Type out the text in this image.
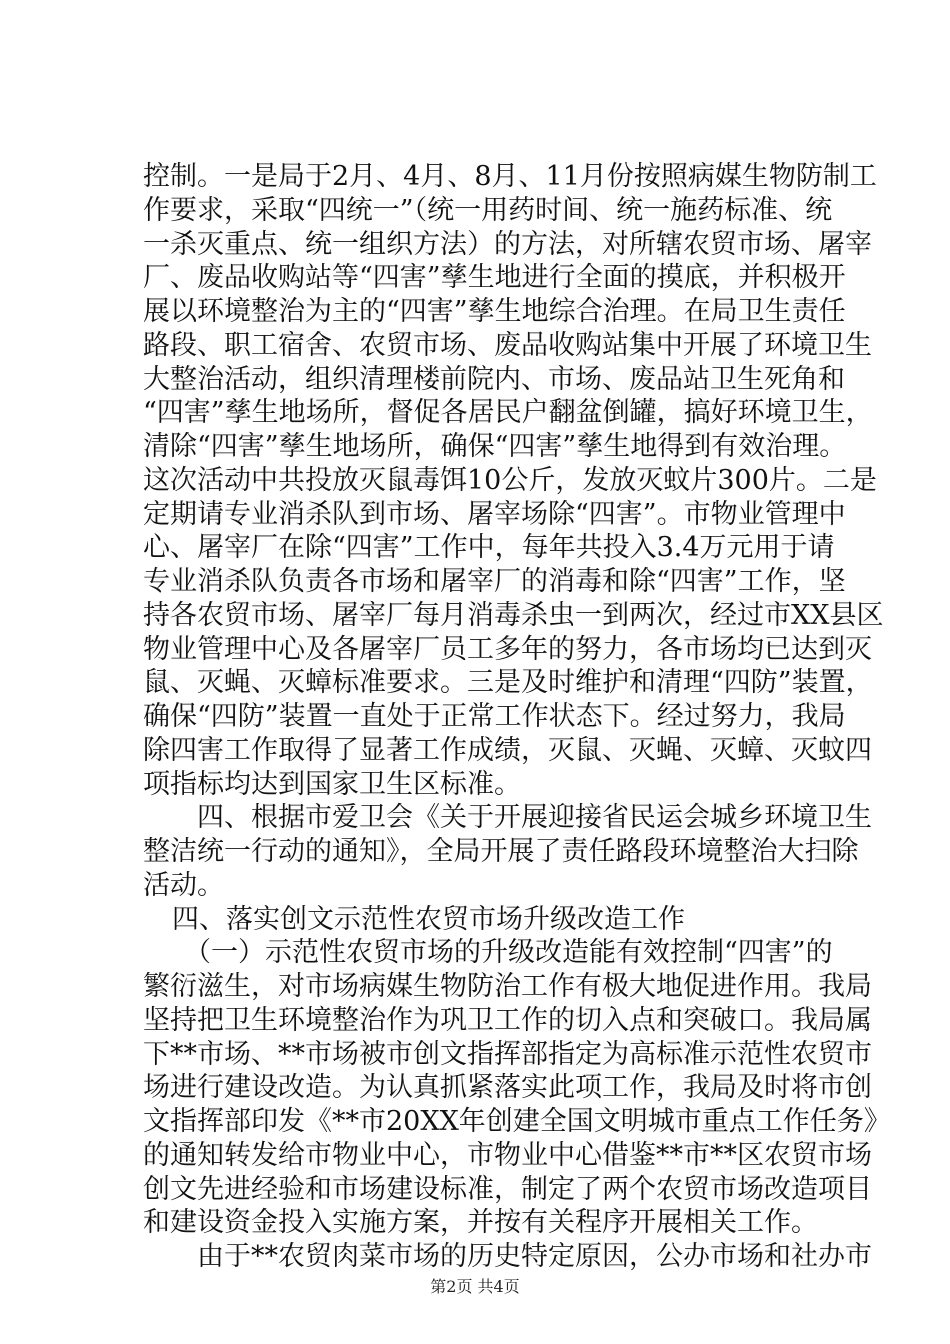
控制。一是局于2月、4月、8月、11月份按照病媒生物防制工
作要求，采取“四统一”（统一用药时间、统一施药标准、统
一杀灭重点、统一组织方法）的方法，对所辖农贸市场、屠宰
厂、废品收购站等“四害”孳生地进行全面的摸底，并积极开
展以环境整治为主的“四害”孳生地综合治理。在局卫生责任
路段、职工宿舍、农贸市场、废品收购站集中开展了环境卫生
大整治活动，组织清理楼前院内、市场、废品站卫生死角和
“四害”孳生地场所，督促各居民户翻盆倒罐，搞好环境卫生，
清除“四害”孳生地场所，确保“四害”孳生地得到有效治理。
这次活动中共投放灭鼠毒饵10公斤，发放灭蚊片300片。二是
定期请专业消杀队到市场、屠宰场除“四害”。市物业管理中
心、屠宰厂在除“四害”工作中，每年共投入3.4万元用于请
专业消杀队负责各市场和屠宰厂的消毒和除“四害”工作，坚
持各农贸市场、屠宰厂每月消毒杀虫一到两次，经过市XX县区
物业管理中心及各屠宰厂员工多年的努力，各市场均已达到灭
鼠、灭蝇、灭蟑标准要求。三是及时维护和清理“四防”装置，
确保“四防”装置一直处于正常工作状态下。经过努力，我局
除四害工作取得了显著工作成绩，灭鼠、灭蝇、灭蟑、灭蚊四
项指标均达到国家卫生区标准。
四、根据市爱卫会《关于开展迎接省民运会城乡环境卫生
整洁统一行动的通知》，全局开展了责任路段环境整治大扫除
活动。
四、落实创文示范性农贸市场升级改造工作
（一）示范性农贸市场的升级改造能有效控制“四害”的
繁衍滋生，对市场病媒生物防治工作有极大地促进作用。我局
坚持把卫生环境整治作为巩卫工作的切入点和突破口。我局属
下**市场、**市场被市创文指挥部指定为高标准示范性农贸市
场进行建设改造。为认真抓紧落实此项工作，我局及时将市创
文指挥部印发《**市20XX年创建全国文明城市重点工作任务》
的通知转发给市物业中心，市物业中心借鉴**市**区农贸市场
创文先进经验和市场建设标准，制定了两个农贸市场改造项目
和建设资金投入实施方案，并按有关程序开展相关工作。
由于**农贸肉菜市场的历史特定原因，公办市场和社办市
第2页 共4页
